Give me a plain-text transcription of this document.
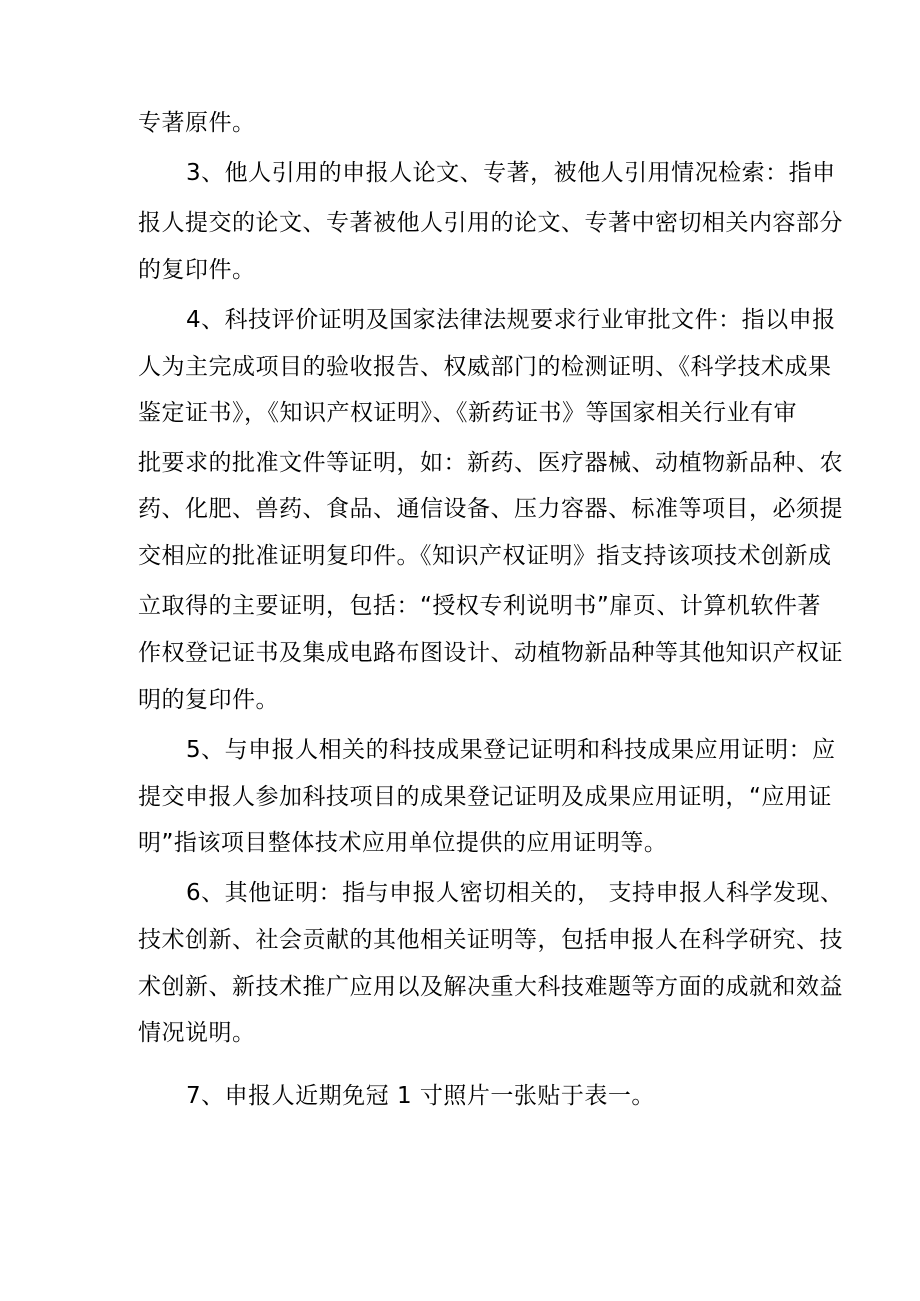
专著原件。
3、他人引用的申报人论文、专著，被他人引用情况检索：指申
报人提交的论文、专著被他人引用的论文、专著中密切相关内容部分
的复印件。
4、科技评价证明及国家法律法规要求行业审批文件：指以申报
人为主完成项目的验收报告、权威部门的检测证明、《科学技术成果
鉴定证书》，《知识产权证明》、《新药证书》等国家相关行业有审
批要求的批准文件等证明，如：新药、医疗器械、动植物新品种、农
药、化肥、兽药、食品、通信设备、压力容器、标准等项目，必须提
交相应的批准证明复印件。《知识产权证明》指支持该项技术创新成
立取得的主要证明，包括：“授权专利说明书”扉页、计算机软件著
作权登记证书及集成电路布图设计、动植物新品种等其他知识产权证
明的复印件。
5、与申报人相关的科技成果登记证明和科技成果应用证明：应
提交申报人参加科技项目的成果登记证明及成果应用证明，“应用证
明”指该项目整体技术应用单位提供的应用证明等。
6、其他证明：指与申报人密切相关的， 支持申报人科学发现、
技术创新、社会贡献的其他相关证明等，包括申报人在科学研究、技
术创新、新技术推广应用以及解决重大科技难题等方面的成就和效益
情况说明。
7、申报人近期免冠 1 寸照片一张贴于表一。
